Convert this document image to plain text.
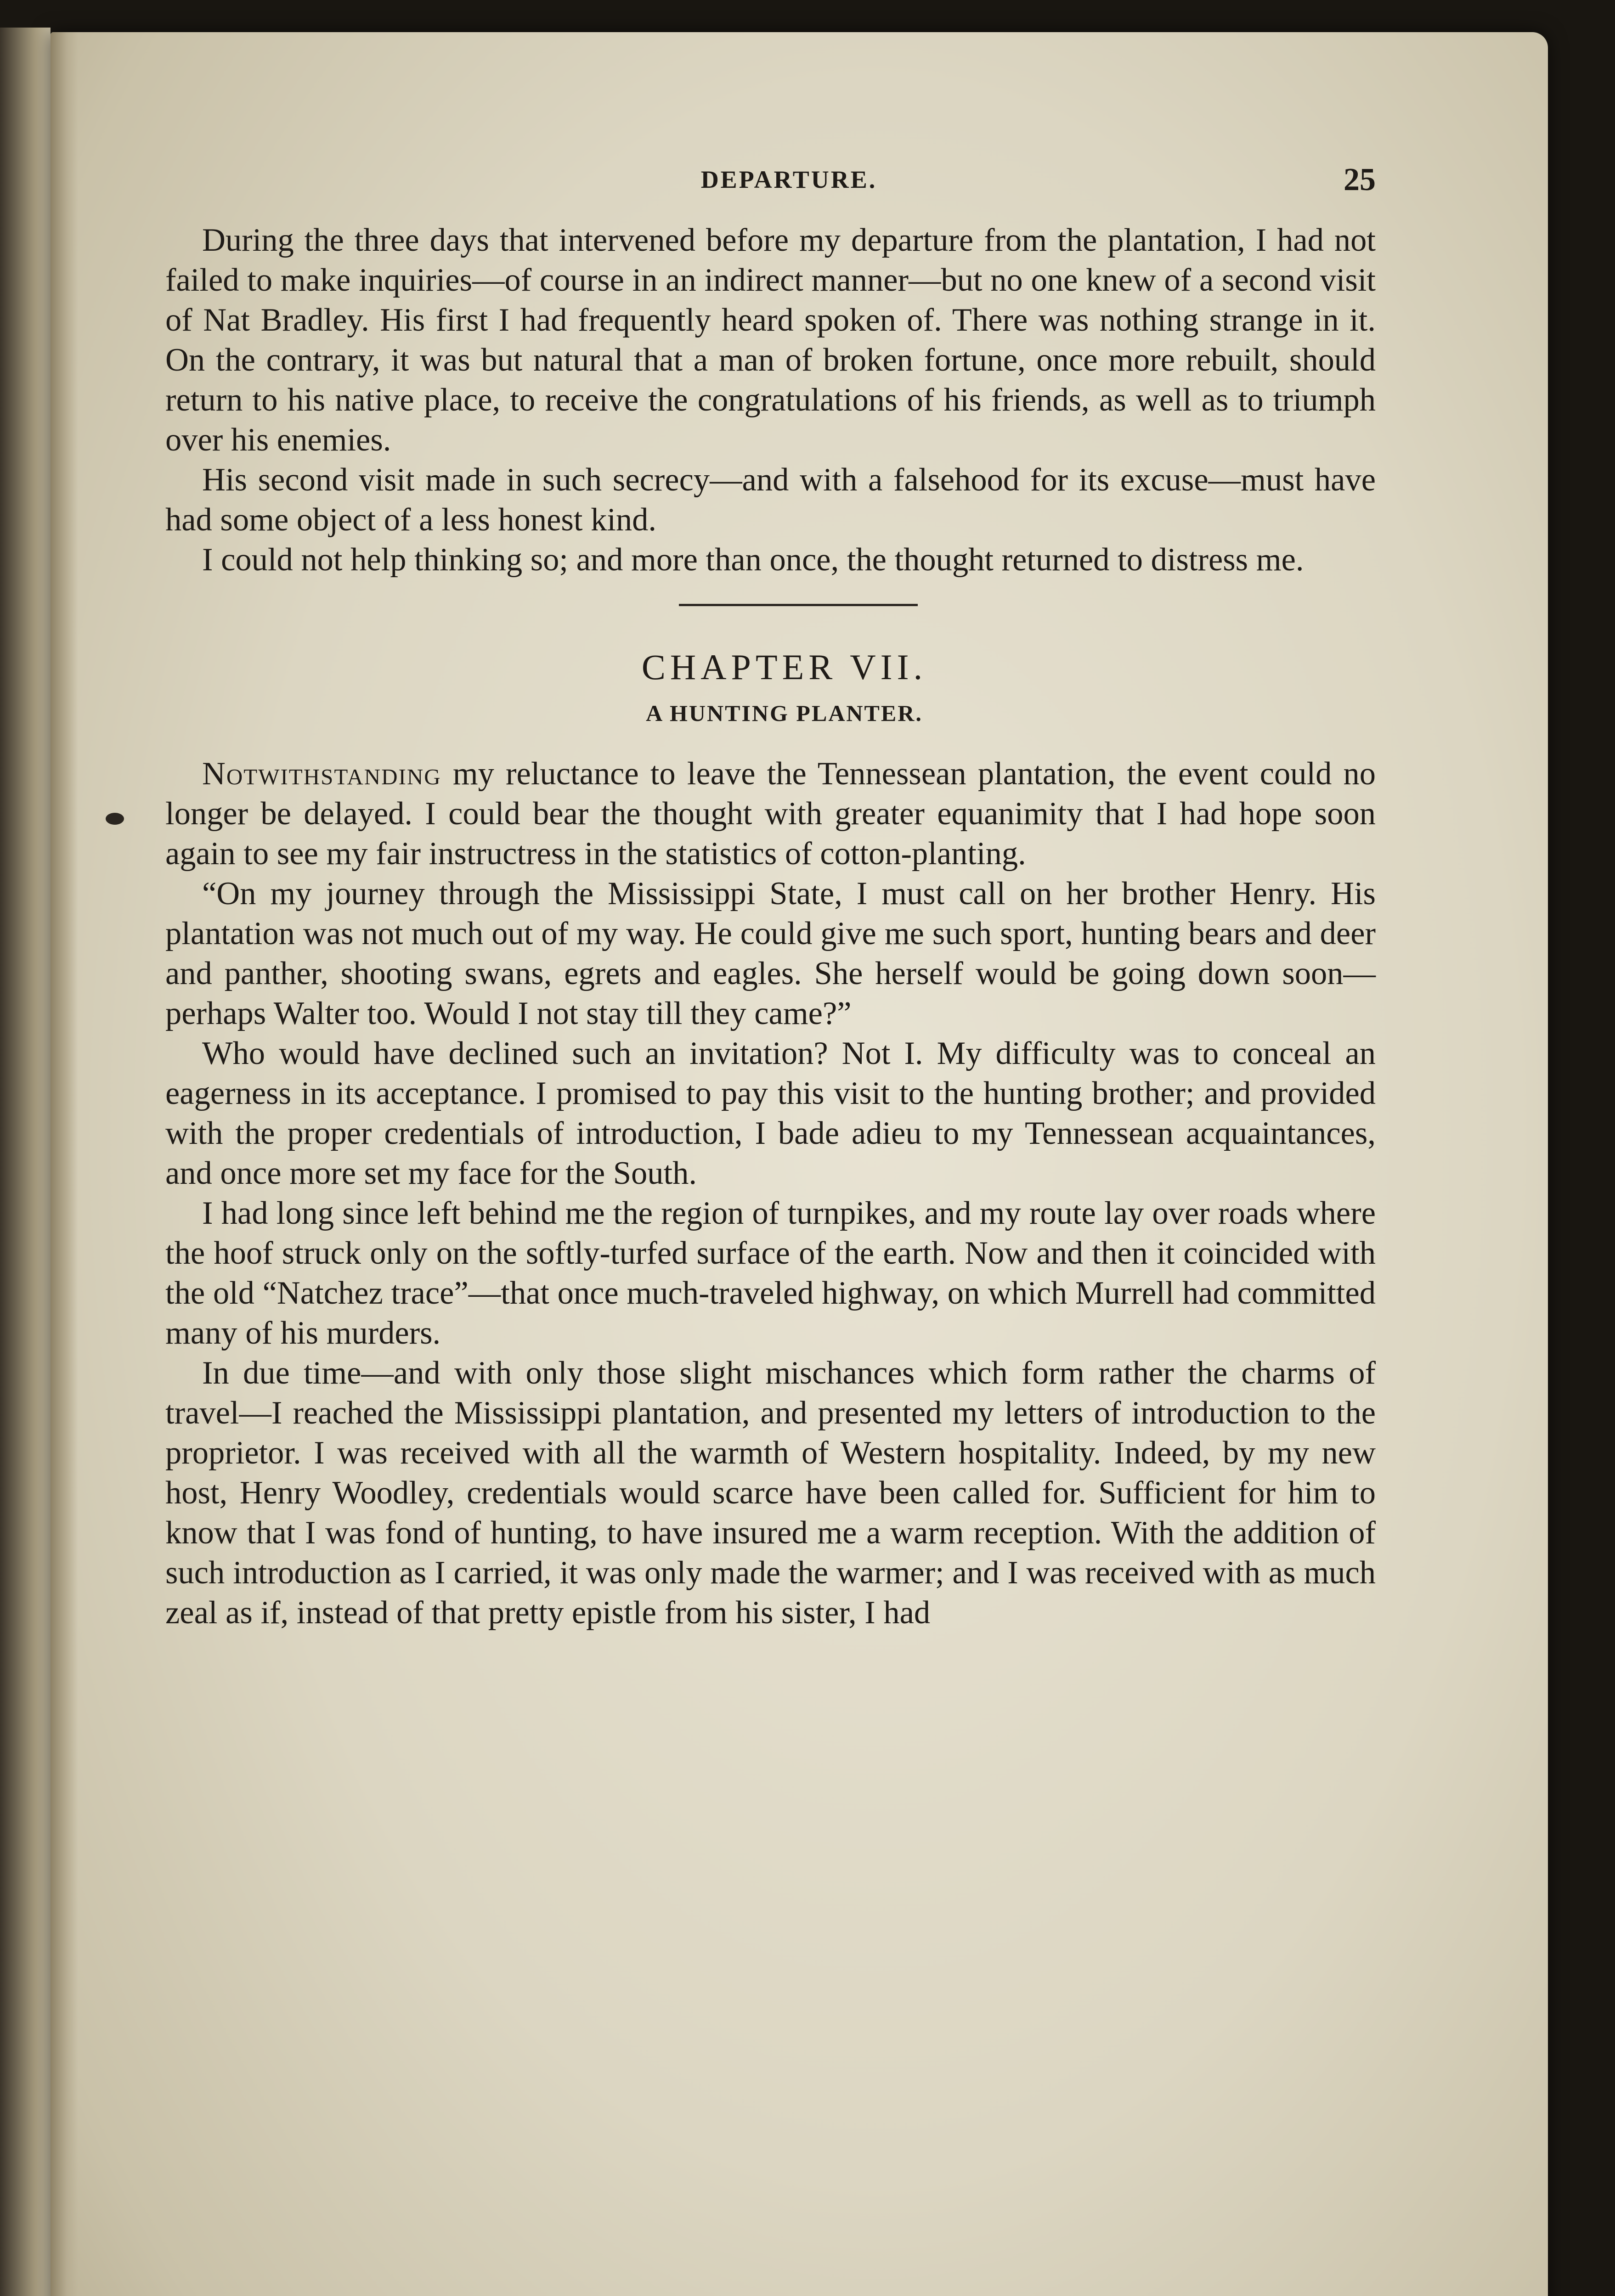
DEPARTURE.	25

During the three days that intervened before my departure from the plantation, I had not failed to make inquiries—of course in an indirect manner—but no one knew of a second visit of Nat Bradley. His first I had frequently heard spoken of. There was nothing strange in it. On the contrary, it was but natural that a man of broken fortune, once more rebuilt, should return to his native place, to receive the congratulations of his friends, as well as to triumph over his enemies.

His second visit made in such secrecy—and with a falsehood for its excuse—must have had some object of a less honest kind.

I could not help thinking so; and more than once, the thought returned to distress me.

CHAPTER VII.
A HUNTING PLANTER.

Notwithstanding my reluctance to leave the Tennessean plantation, the event could no longer be delayed. I could bear the thought with greater equanimity that I had hope soon again to see my fair instructress in the statistics of cotton-planting.

“On my journey through the Mississippi State, I must call on her brother Henry. His plantation was not much out of my way. He could give me such sport, hunting bears and deer and panther, shooting swans, egrets and eagles. She herself would be going down soon—perhaps Walter too. Would I not stay till they came?”

Who would have declined such an invitation? Not I. My difficulty was to conceal an eagerness in its acceptance. I promised to pay this visit to the hunting brother; and provided with the proper credentials of introduction, I bade adieu to my Tennessean acquaintances, and once more set my face for the South.

I had long since left behind me the region of turnpikes, and my route lay over roads where the hoof struck only on the softly-turfed surface of the earth. Now and then it coincided with the old “Natchez trace”—that once much-traveled highway, on which Murrell had committed many of his murders.

In due time—and with only those slight mischances which form rather the charms of travel—I reached the Mississippi plantation, and presented my letters of introduction to the proprietor. I was received with all the warmth of Western hospitality. Indeed, by my new host, Henry Woodley, credentials would scarce have been called for. Sufficient for him to know that I was fond of hunting, to have insured me a warm reception. With the addition of such introduction as I carried, it was only made the warmer; and I was received with as much zeal as if, instead of that pretty epistle from his sister, I had
